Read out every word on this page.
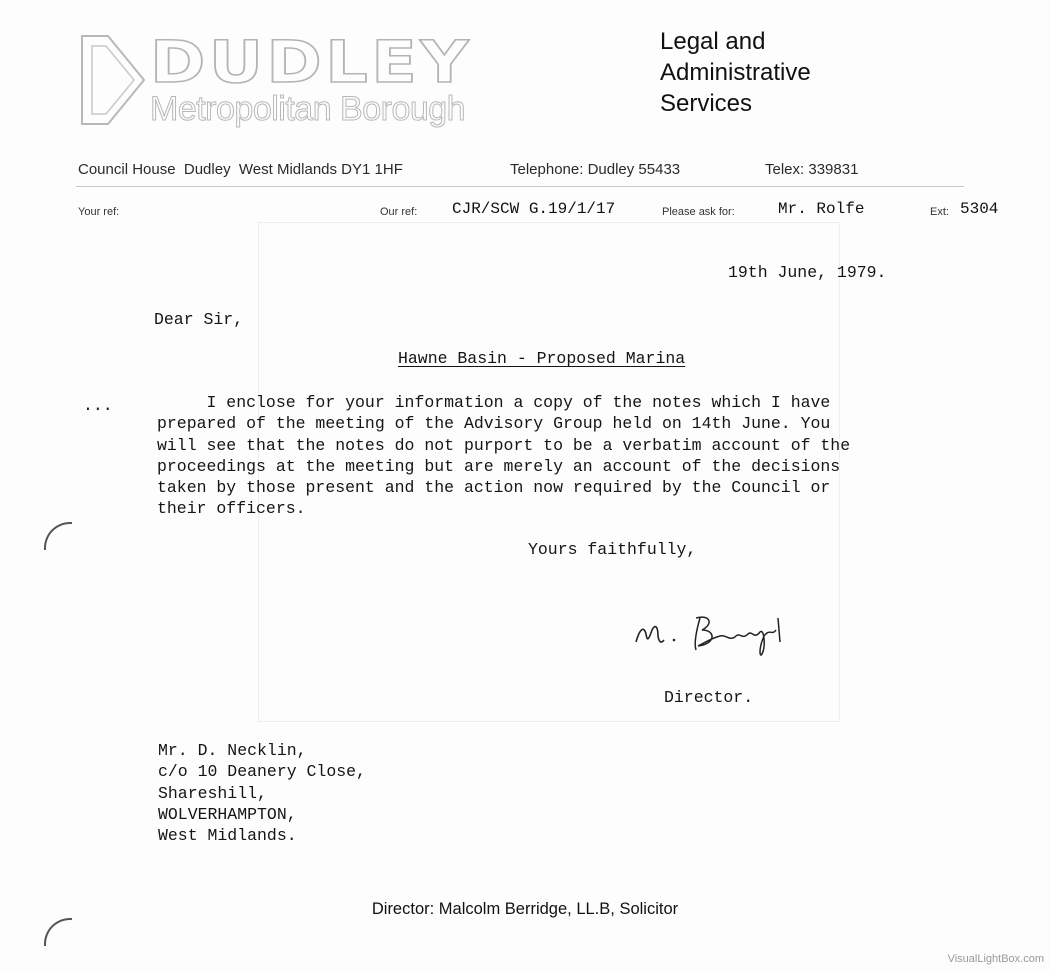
DUDLEY
Metropolitan Borough
Legal and
Administrative
Services
Council House  Dudley  West Midlands DY1 1HF	Telephone: Dudley 55433	Telex: 339831
Your ref:	Our ref: CJR/SCW G.19/1/17	Please ask for:	Mr. Rolfe	Ext: 5304
19th June, 1979.
Dear Sir,
Hawne Basin - Proposed Marina
...	I enclose for your information a copy of the notes which I have
prepared of the meeting of the Advisory Group held on 14th June. You
will see that the notes do not purport to be a verbatim account of the
proceedings at the meeting but are merely an account of the decisions
taken by those present and the action now required by the Council or
their officers.
Yours faithfully,
Director.
Mr. D. Necklin,
c/o 10 Deanery Close,
Shareshill,
WOLVERHAMPTON,
West Midlands.
Director: Malcolm Berridge, LL.B, Solicitor
VisualLightBox.com
